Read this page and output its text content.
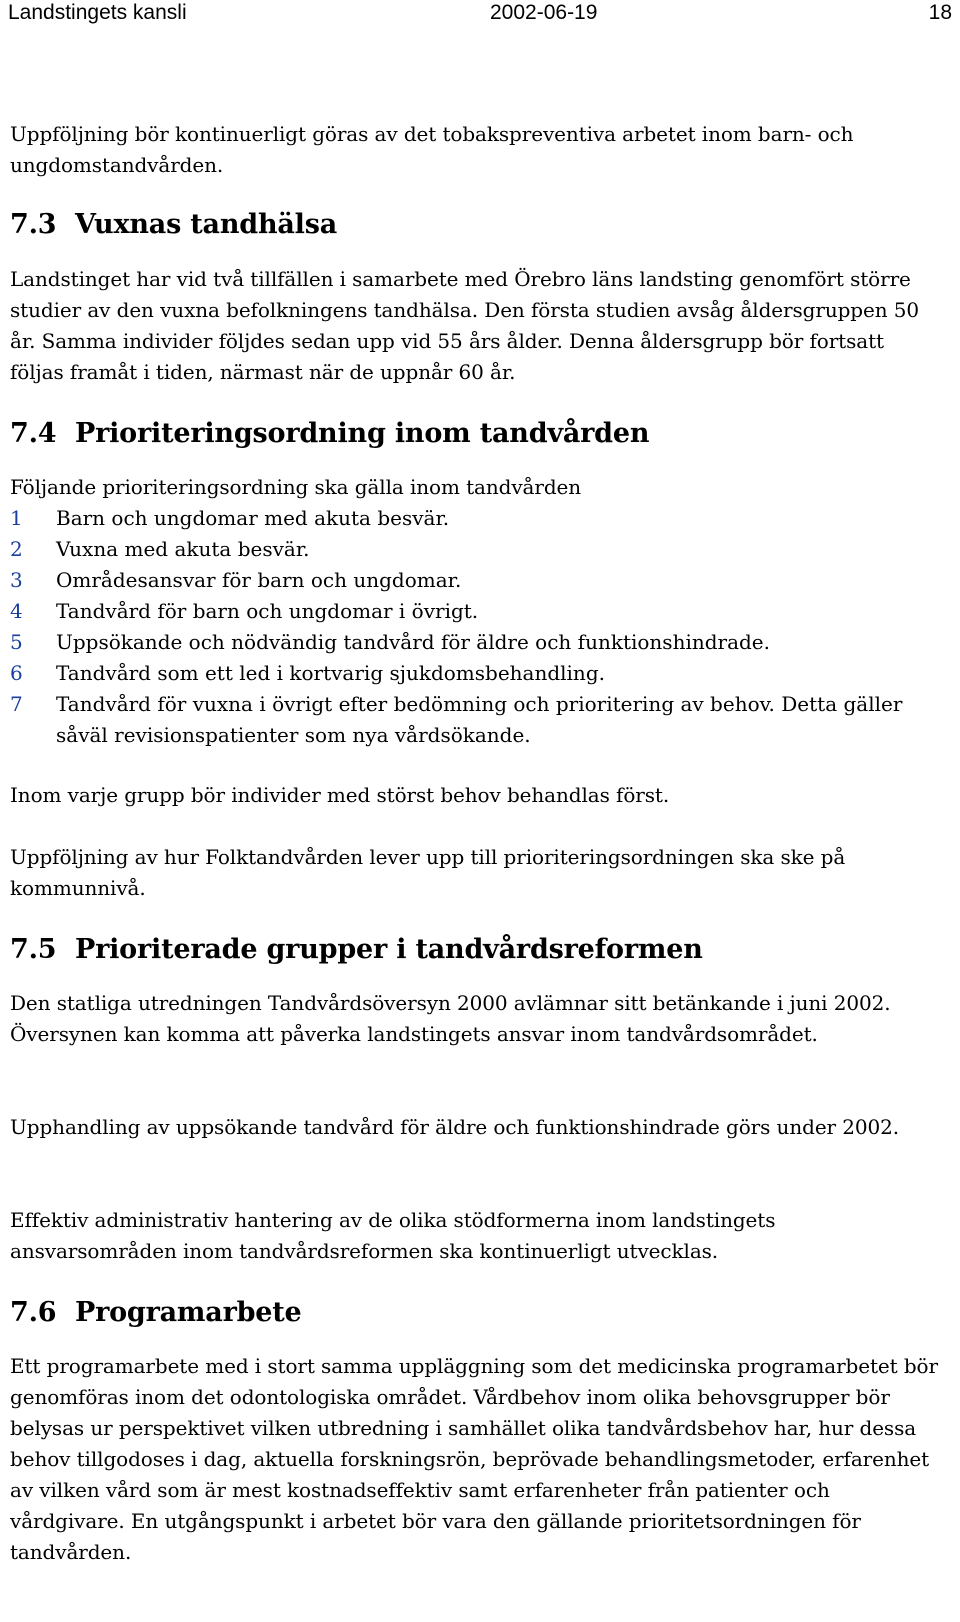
Landstingets kansli	2002-06-19	18

Uppföljning bör kontinuerligt göras av det tobakspreventiva arbetet inom barn- och ungdomstandvården.

7.3 Vuxnas tandhälsa

Landstinget har vid två tillfällen i samarbete med Örebro läns landsting genomfört större studier av den vuxna befolkningens tandhälsa. Den första studien avsåg åldersgruppen 50 år. Samma individer följdes sedan upp vid 55 års ålder. Denna åldersgrupp bör fortsatt följas framåt i tiden, närmast när de uppnår 60 år.

7.4 Prioriteringsordning inom tandvården

Följande prioriteringsordning ska gälla inom tandvården

1 Barn och ungdomar med akuta besvär.
2 Vuxna med akuta besvär.
3 Områdesansvar för barn och ungdomar.
4 Tandvård för barn och ungdomar i övrigt.
5 Uppsökande och nödvändig tandvård för äldre och funktionshindrade.
6 Tandvård som ett led i kortvarig sjukdomsbehandling.
7 Tandvård för vuxna i övrigt efter bedömning och prioritering av behov. Detta gäller såväl revisionspatienter som nya vårdsökande.

Inom varje grupp bör individer med störst behov behandlas först.

Uppföljning av hur Folktandvården lever upp till prioriteringsordningen ska ske på kommunnivå.

7.5 Prioriterade grupper i tandvårdsreformen

Den statliga utredningen Tandvårdsöversyn 2000 avlämnar sitt betänkande i juni 2002. Översynen kan komma att påverka landstingets ansvar inom tandvårdsområdet.

Upphandling av uppsökande tandvård för äldre och funktionshindrade görs under 2002.

Effektiv administrativ hantering av de olika stödformerna inom landstingets ansvarsområden inom tandvårdsreformen ska kontinuerligt utvecklas.

7.6 Programarbete

Ett programarbete med i stort samma uppläggning som det medicinska programarbetet bör genomföras inom det odontologiska området. Vårdbehov inom olika behovsgrupper bör belysas ur perspektivet vilken utbredning i samhället olika tandvårdsbehov har, hur dessa behov tillgodoses i dag, aktuella forskningsrön, beprövade behandlingsmetoder, erfarenhet av vilken vård som är mest kostnadseffektiv samt erfarenheter från patienter och vårdgivare. En utgångspunkt i arbetet bör vara den gällande prioritetsordningen för tandvården.
